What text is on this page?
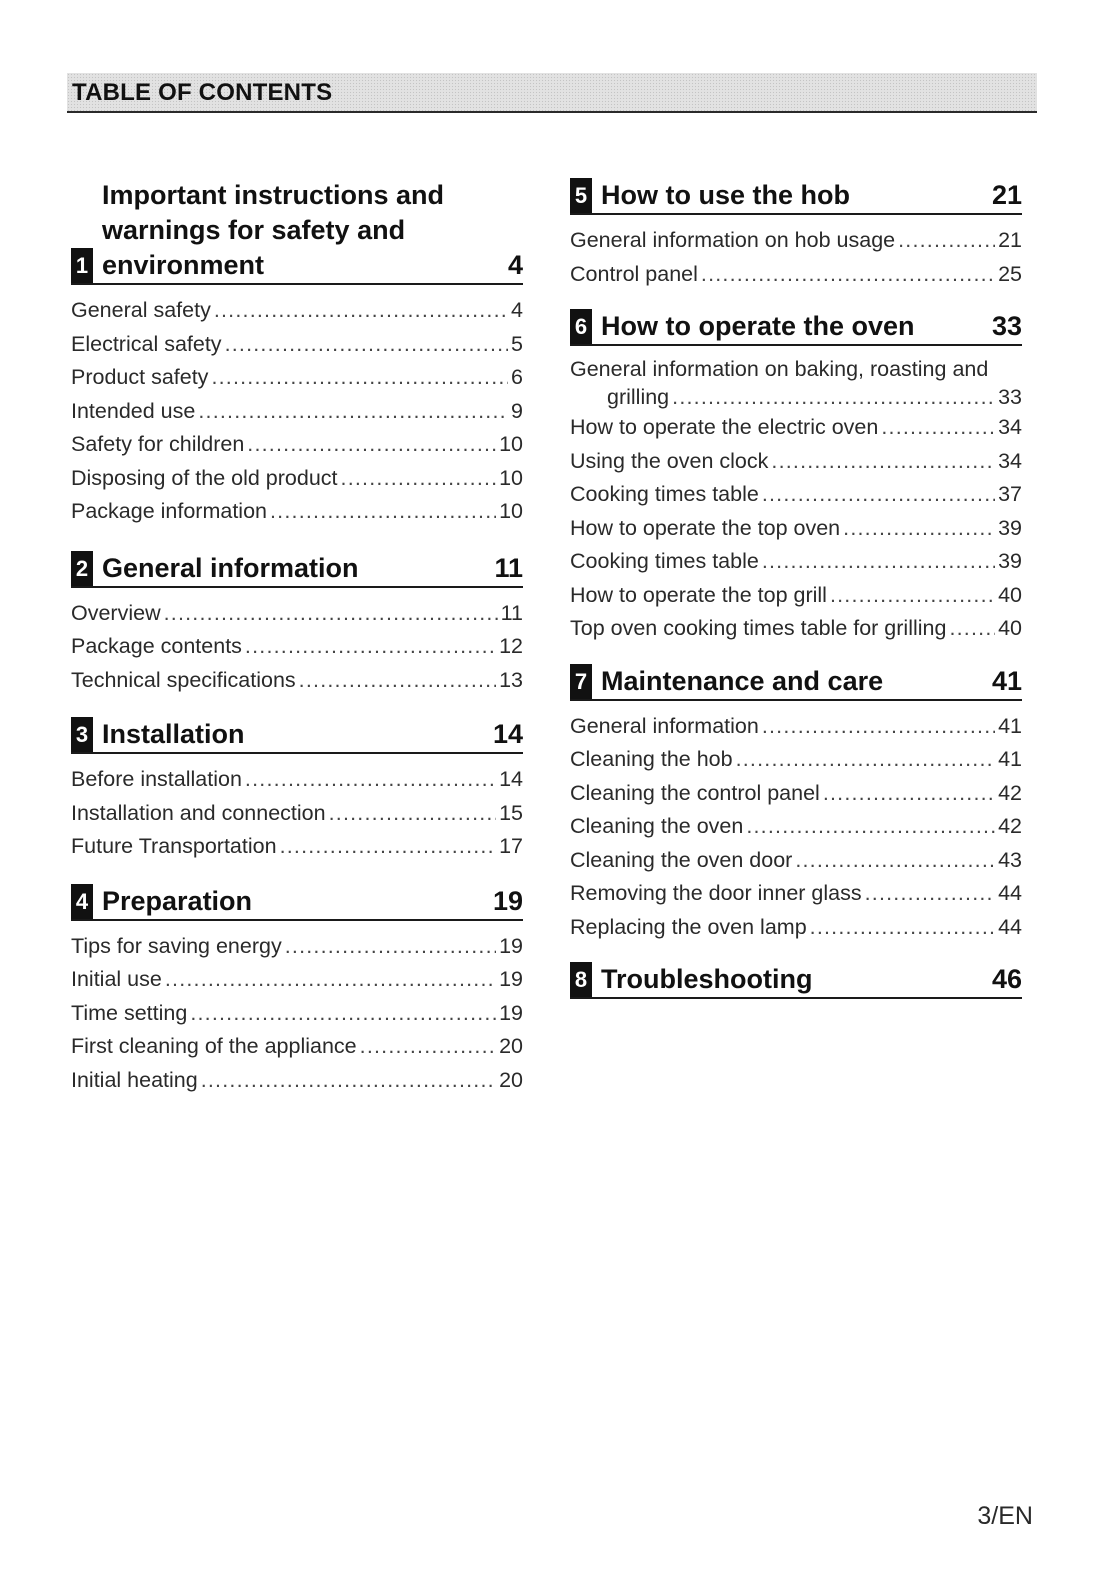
TABLE OF CONTENTS
1
Important instructions and
warnings for safety and
environment	4
General safety .....	4
Electrical safety .....	5
Product safety .....	6
Intended use .....	9
Safety for children .....	10
Disposing of the old product .....	10
Package information .....	10
2 General information	11
Overview .....	11
Package contents .....	12
Technical specifications .....	13
3 Installation	14
Before installation .....	14
Installation and connection .....	15
Future Transportation .....	17
4 Preparation	19
Tips for saving energy .....	19
Initial use .....	19
Time setting .....	19
First cleaning of the appliance .....	20
Initial heating .....	20
5 How to use the hob	21
General information on hob usage .....	21
Control panel .....	25
6 How to operate the oven	33
General information on baking, roasting and
grilling .....	33
How to operate the electric oven .....	34
Using the oven clock .....	34
Cooking times table .....	37
How to operate the top oven .....	39
Cooking times table .....	39
How to operate the top grill .....	40
Top oven cooking times table for grilling ..... 40
7 Maintenance and care	41
General information .....	41
Cleaning the hob .....	41
Cleaning the control panel .....	42
Cleaning the oven .....	42
Cleaning the oven door .....	43
Removing the door inner glass .....	44
Replacing the oven lamp .....	44
8 Troubleshooting	46
3/EN
